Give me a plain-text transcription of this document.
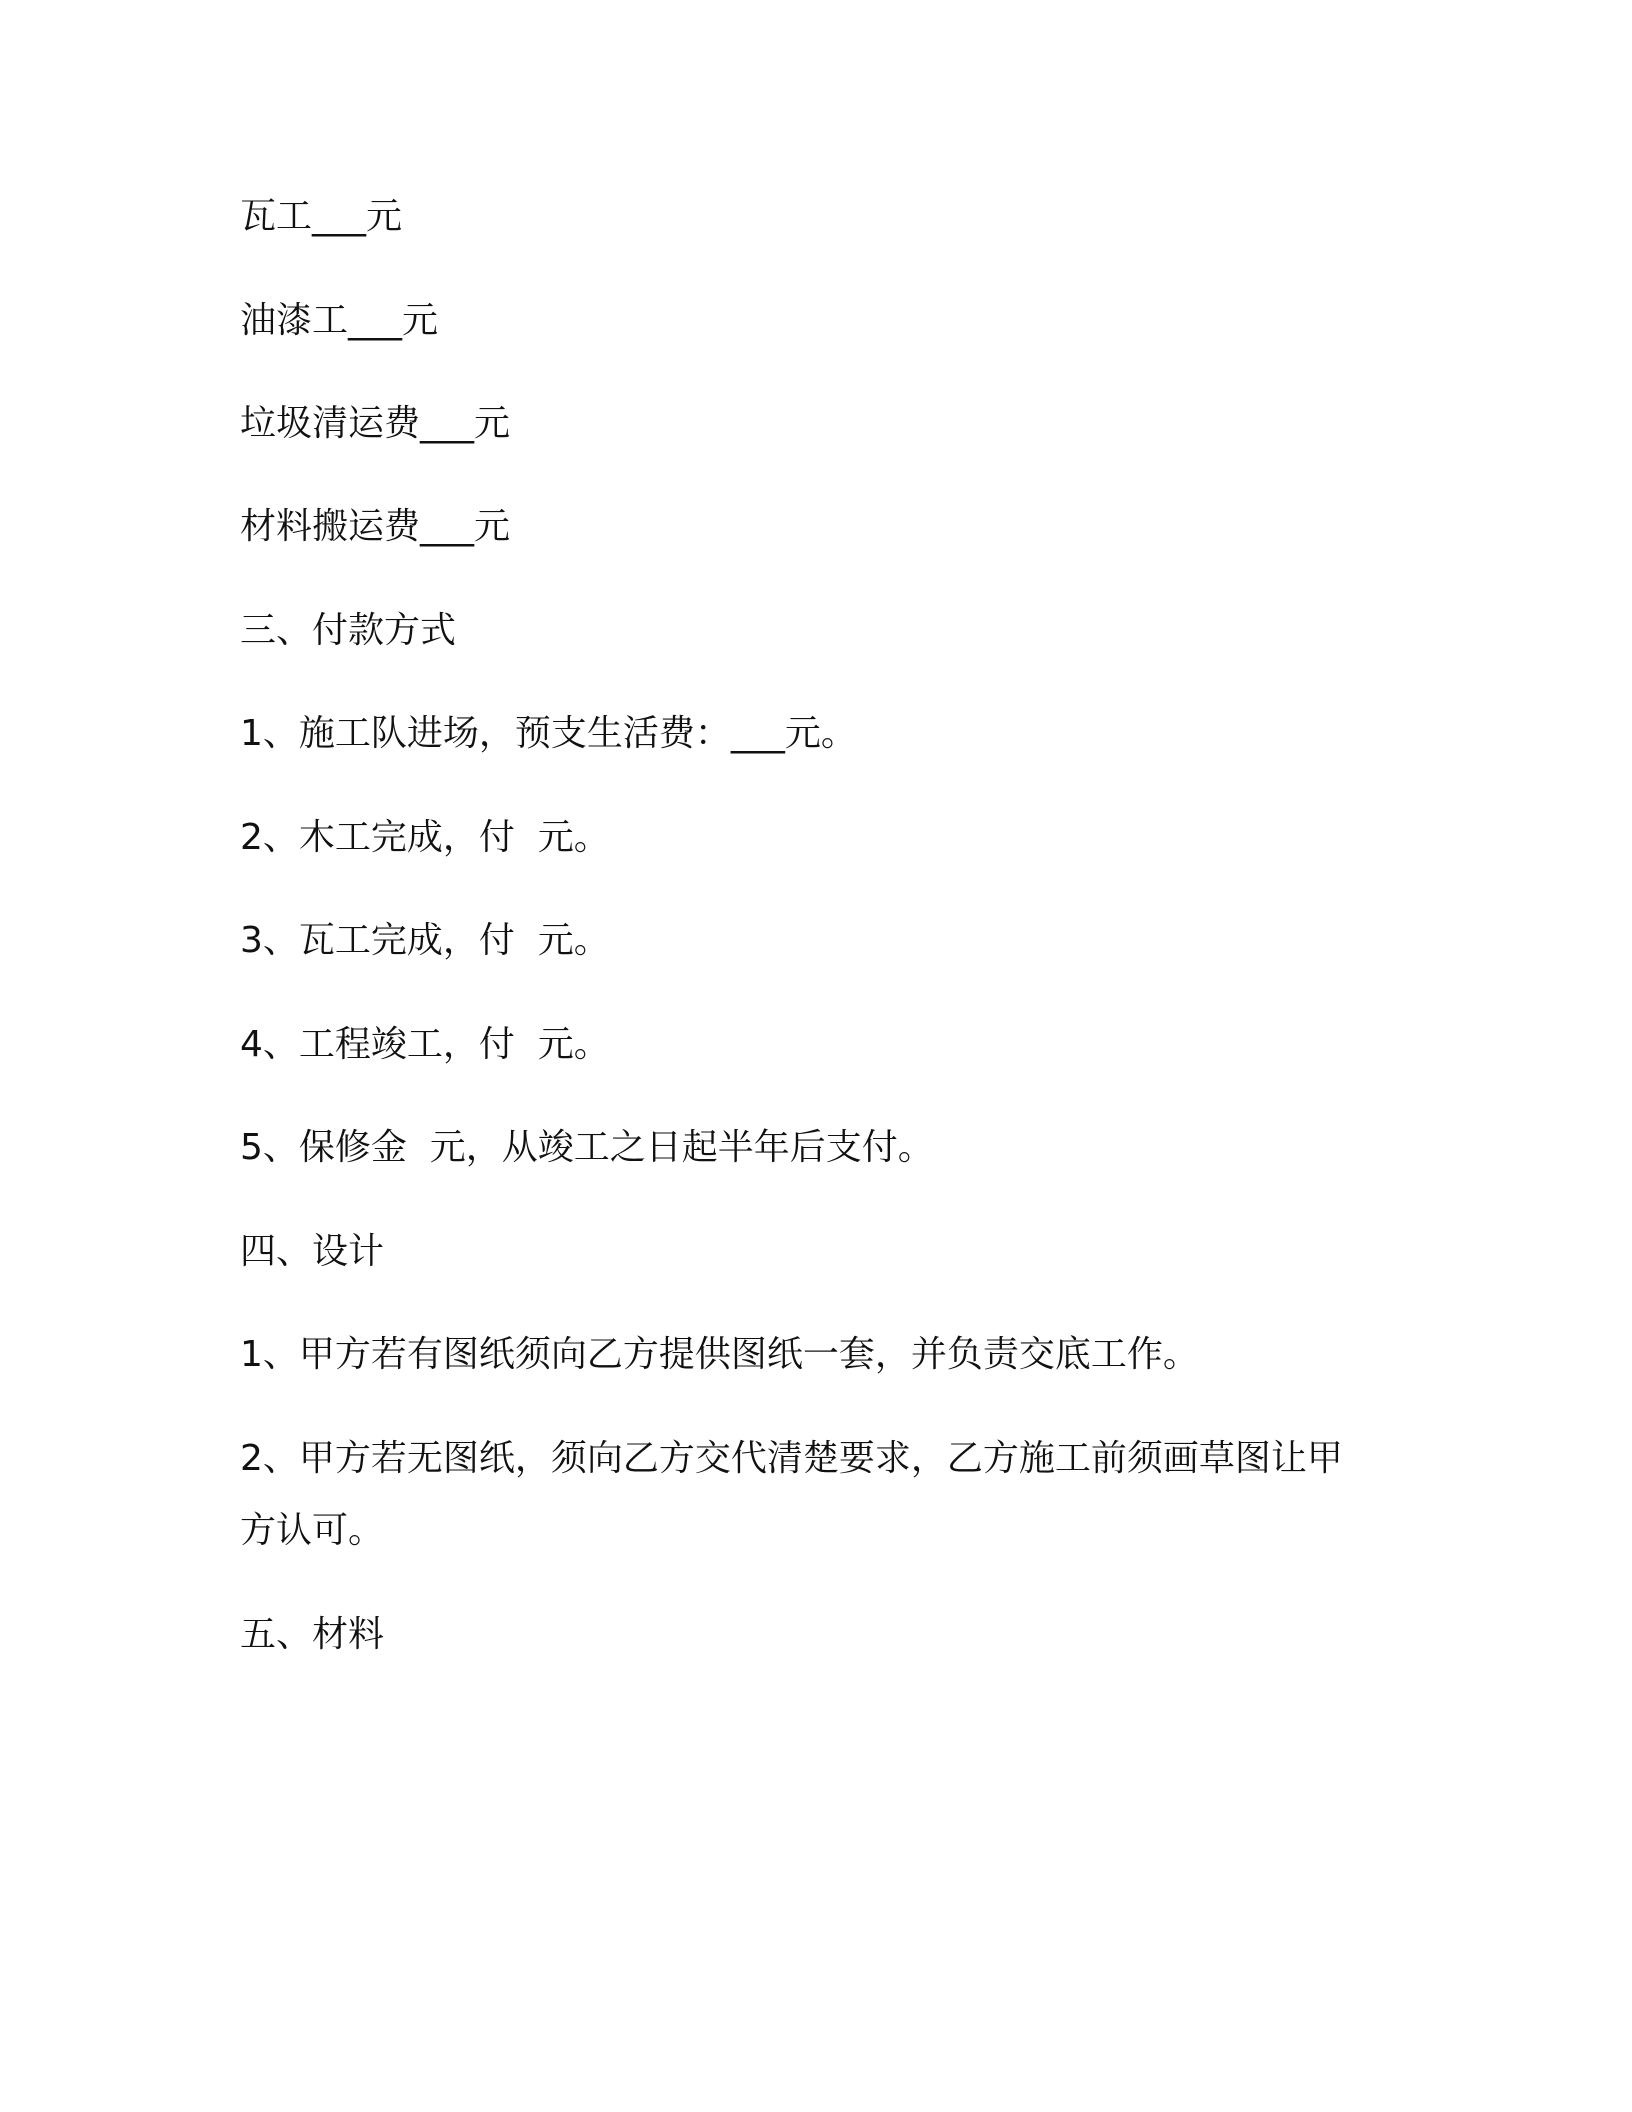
瓦工___元
油漆工___元
垃圾清运费___元
材料搬运费___元
三、付款方式
1、施工队进场，预支生活费：___元。
2、木工完成，付  元。
3、瓦工完成，付  元。
4、工程竣工，付  元。
5、保修金  元，从竣工之日起半年后支付。
四、设计
1、甲方若有图纸须向乙方提供图纸一套，并负责交底工作。
2、甲方若无图纸，须向乙方交代清楚要求，乙方施工前须画草图让甲
方认可。
五、材料
